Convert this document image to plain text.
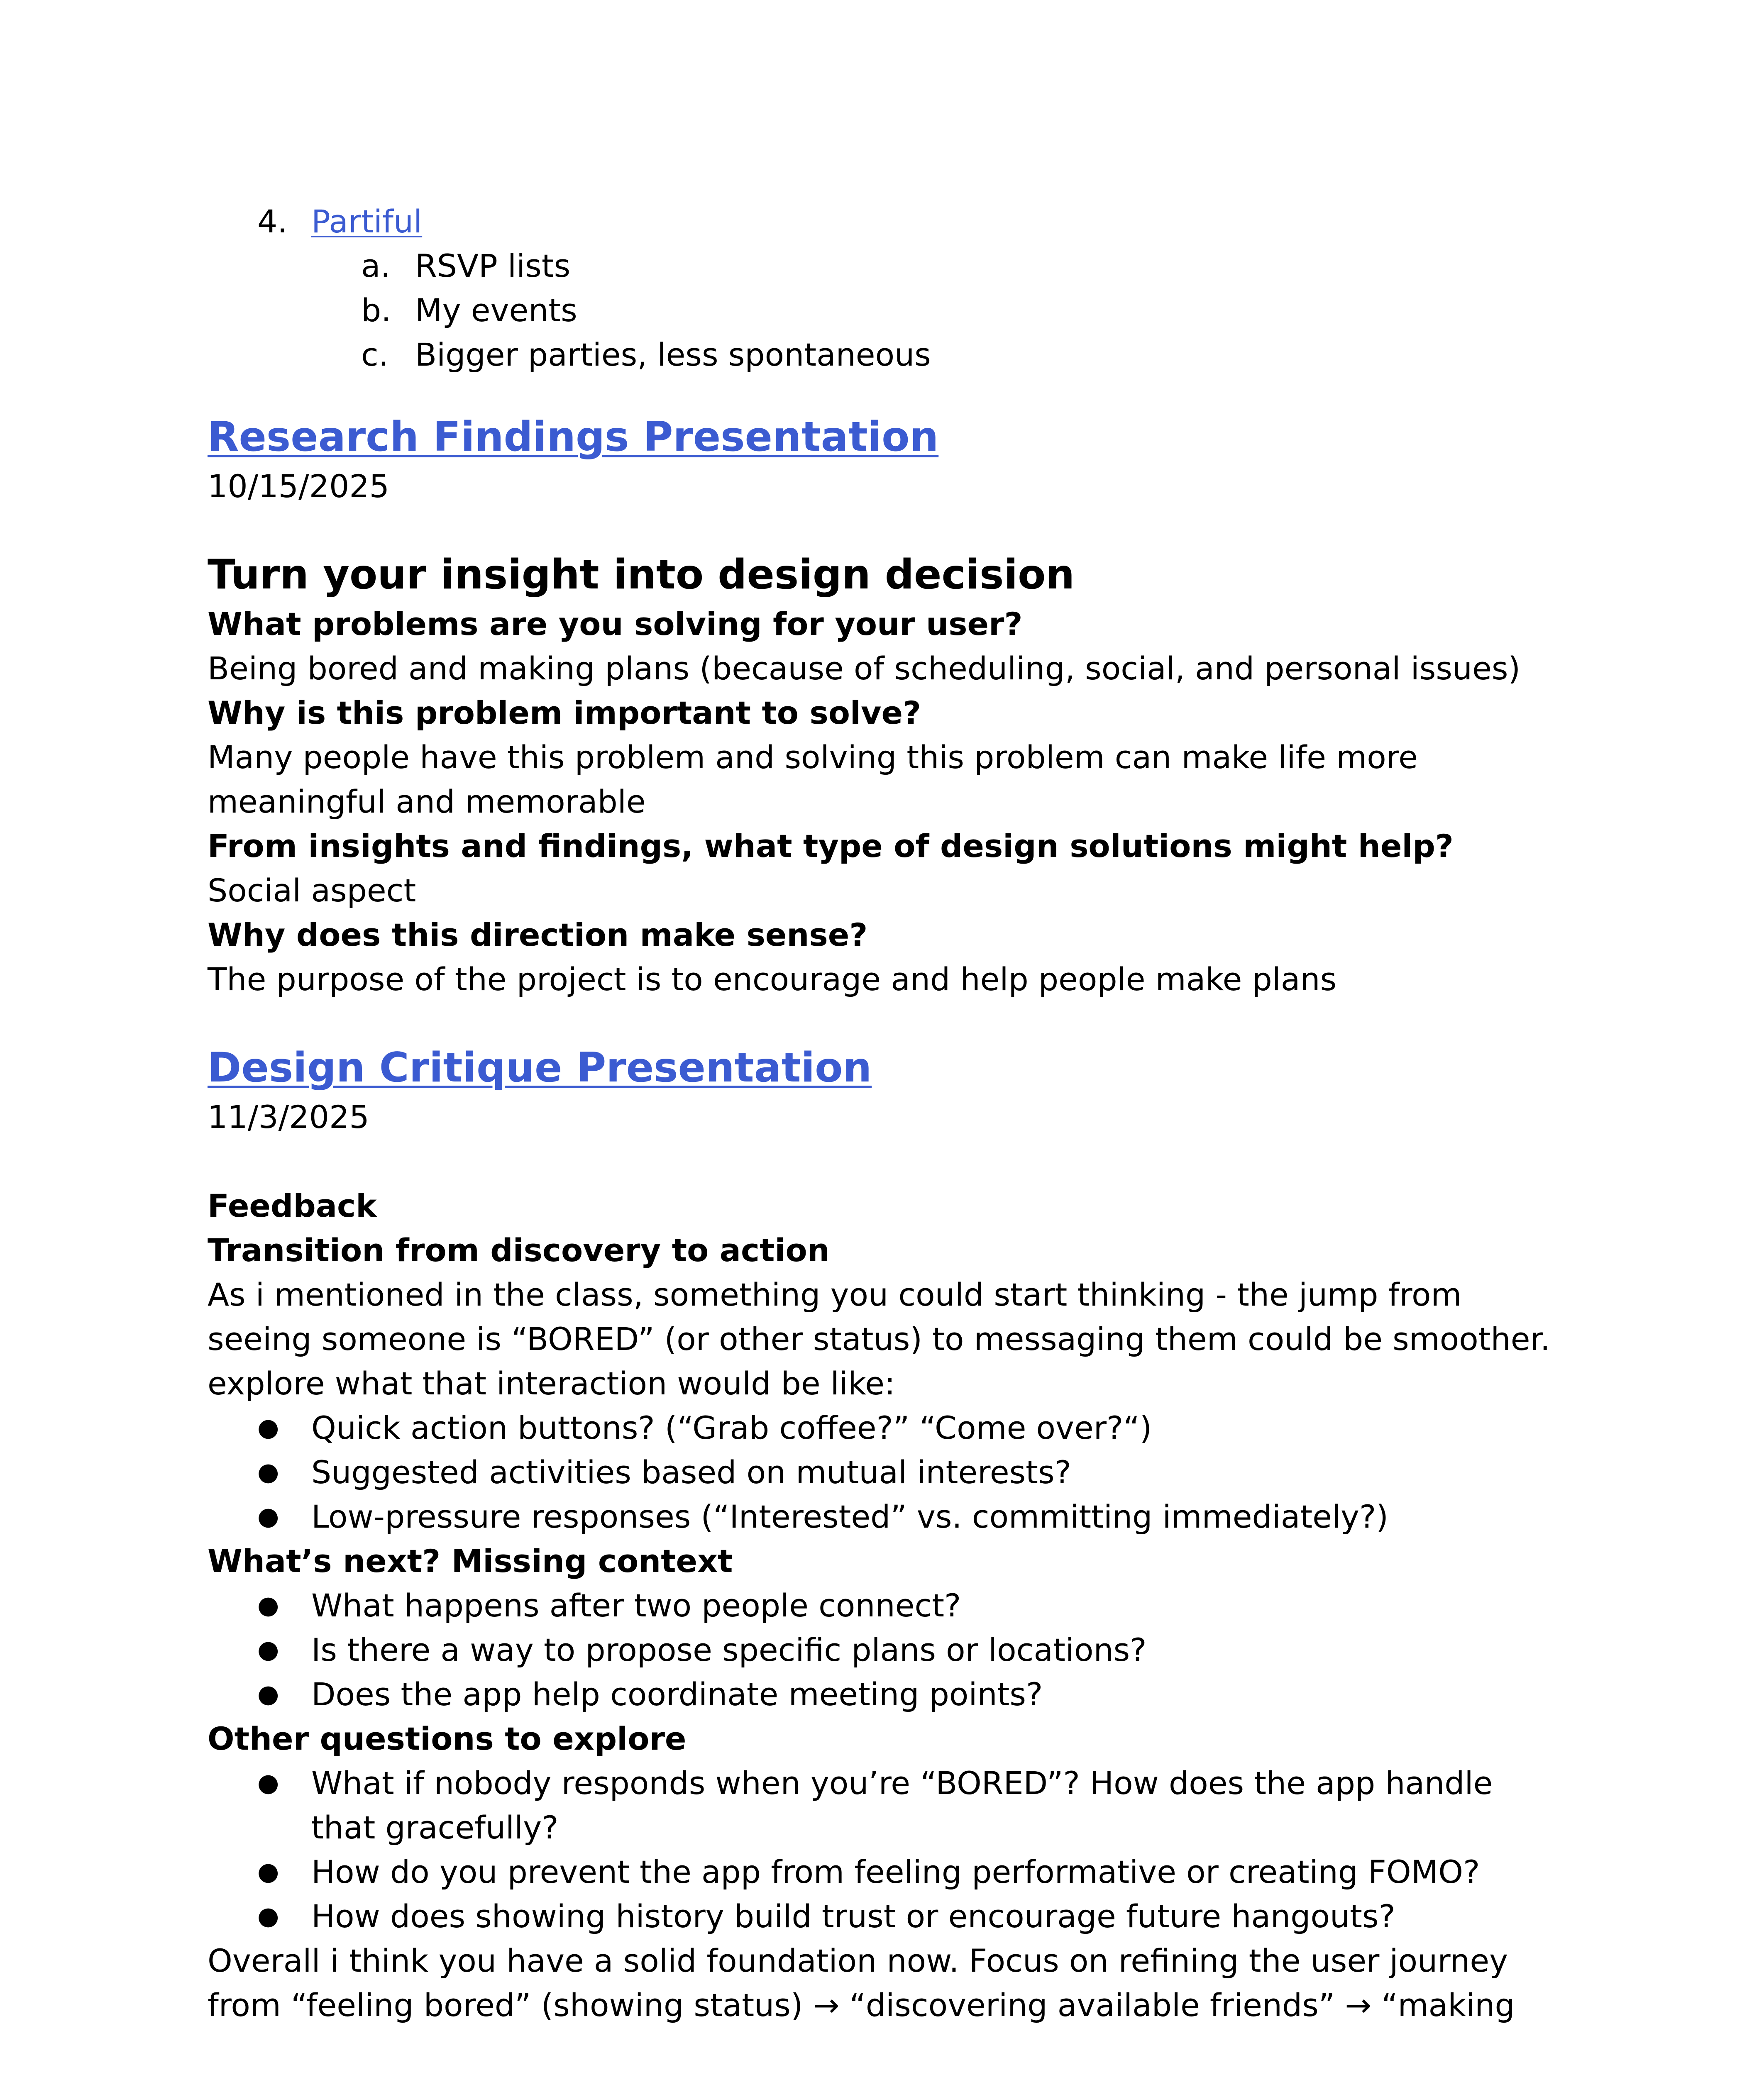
4. Partiful
a. RSVP lists
b. My events
c. Bigger parties, less spontaneous
Research Findings Presentation
10/15/2025
Turn your insight into design decision
What problems are you solving for your user?
Being bored and making plans (because of scheduling, social, and personal issues)
Why is this problem important to solve?
Many people have this problem and solving this problem can make life more
meaningful and memorable
From insights and findings, what type of design solutions might help?
Social aspect
Why does this direction make sense?
The purpose of the project is to encourage and help people make plans
Design Critique Presentation
11/3/2025
Feedback
Transition from discovery to action
As i mentioned in the class, something you could start thinking - the jump from
seeing someone is “BORED” (or other status) to messaging them could be smoother.
explore what that interaction would be like:
● Quick action buttons? (“Grab coffee?” “Come over?“)
● Suggested activities based on mutual interests?
● Low-pressure responses (“Interested” vs. committing immediately?)
What’s next? Missing context
● What happens after two people connect?
● Is there a way to propose specific plans or locations?
● Does the app help coordinate meeting points?
Other questions to explore
● What if nobody responds when you’re “BORED”? How does the app handle
that gracefully?
● How do you prevent the app from feeling performative or creating FOMO?
● How does showing history build trust or encourage future hangouts?
Overall i think you have a solid foundation now. Focus on refining the user journey
from “feeling bored” (showing status) → “discovering available friends” → “making
